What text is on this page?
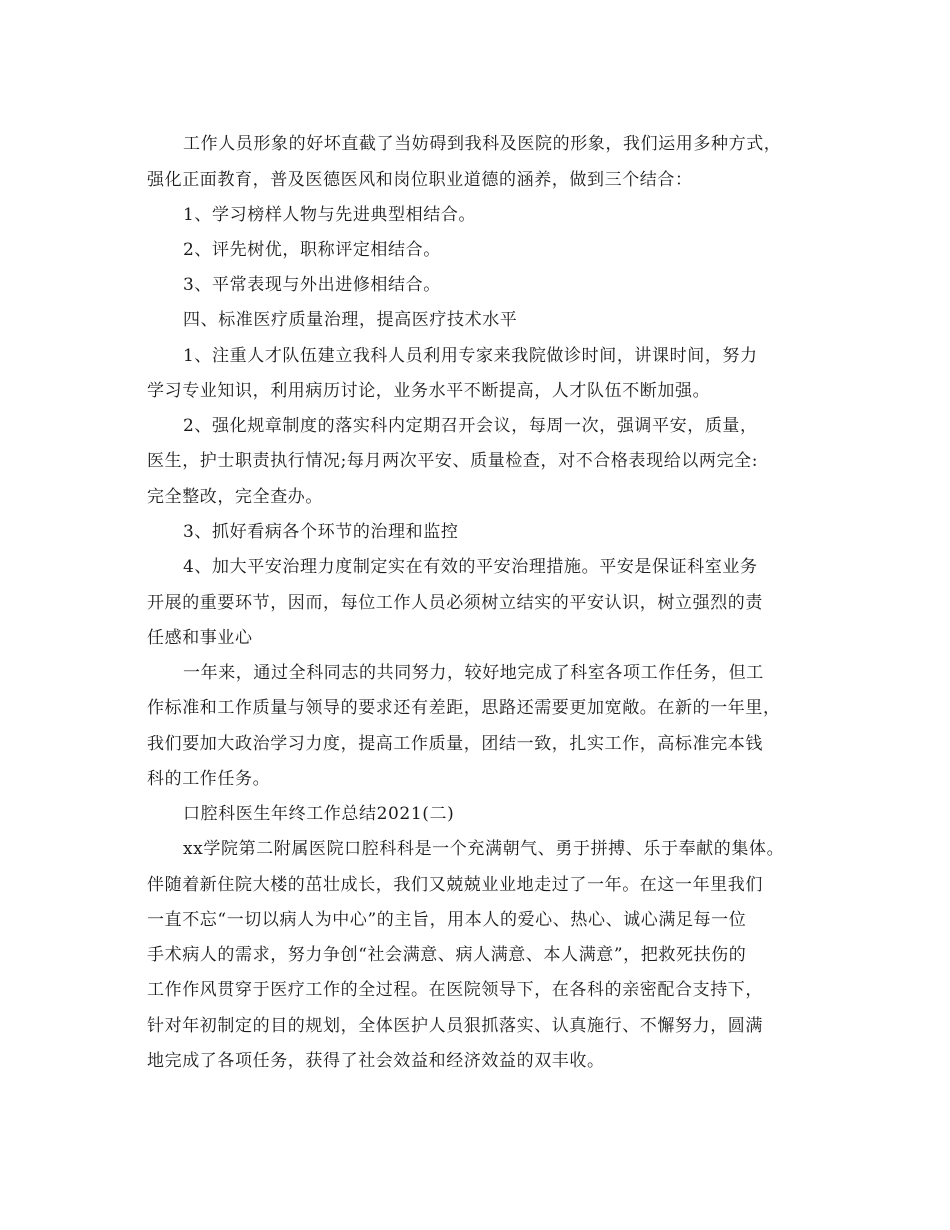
工作人员形象的好坏直截了当妨碍到我科及医院的形象，我们运用多种方式，
强化正面教育，普及医德医风和岗位职业道德的涵养，做到三个结合：
1、学习榜样人物与先进典型相结合。
2、评先树优，职称评定相结合。
3、平常表现与外出进修相结合。
四、标准医疗质量治理，提高医疗技术水平
1、注重人才队伍建立我科人员利用专家来我院做诊时间，讲课时间，努力
学习专业知识，利用病历讨论，业务水平不断提高，人才队伍不断加强。
2、强化规章制度的落实科内定期召开会议，每周一次，强调平安，质量，
医生，护士职责执行情况;每月两次平安、质量检查，对不合格表现给以两完全:
完全整改，完全查办。
3、抓好看病各个环节的治理和监控
4、加大平安治理力度制定实在有效的平安治理措施。平安是保证科室业务
开展的重要环节，因而，每位工作人员必须树立结实的平安认识，树立强烈的责
任感和事业心
一年来，通过全科同志的共同努力，较好地完成了科室各项工作任务，但工
作标准和工作质量与领导的要求还有差距，思路还需要更加宽敞。在新的一年里，
我们要加大政治学习力度，提高工作质量，团结一致，扎实工作，高标准完本钱
科的工作任务。
口腔科医生年终工作总结2021(二)
xx学院第二附属医院口腔科科是一个充满朝气、勇于拼搏、乐于奉献的集体。
伴随着新住院大楼的茁壮成长，我们又兢兢业业地走过了一年。在这一年里我们
一直不忘“一切以病人为中心”的主旨，用本人的爱心、热心、诚心满足每一位
手术病人的需求，努力争创“社会满意、病人满意、本人满意”，把救死扶伤的
工作作风贯穿于医疗工作的全过程。在医院领导下，在各科的亲密配合支持下，
针对年初制定的目的规划，全体医护人员狠抓落实、认真施行、不懈努力，圆满
地完成了各项任务，获得了社会效益和经济效益的双丰收。
